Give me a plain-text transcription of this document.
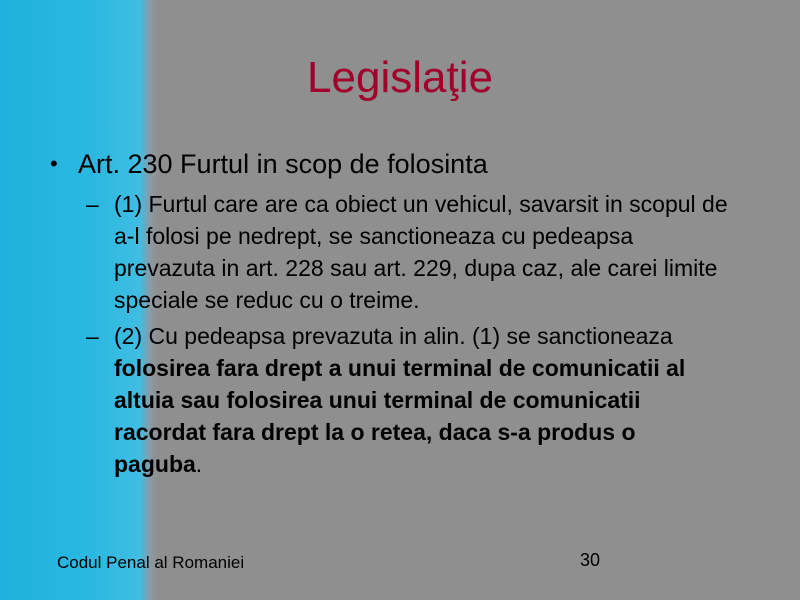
Legislaţie
• Art. 230 Furtul in scop de folosinta
– (1) Furtul care are ca obiect un vehicul, savarsit in scopul de a-l folosi pe nedrept, se sanctioneaza cu pedeapsa prevazuta in art. 228 sau art. 229, dupa caz, ale carei limite speciale se reduc cu o treime.
– (2) Cu pedeapsa prevazuta in alin. (1) se sanctioneaza folosirea fara drept a unui terminal de comunicatii al altuia sau folosirea unui terminal de comunicatii racordat fara drept la o retea, daca s-a produs o paguba.
Codul Penal al Romaniei	30
